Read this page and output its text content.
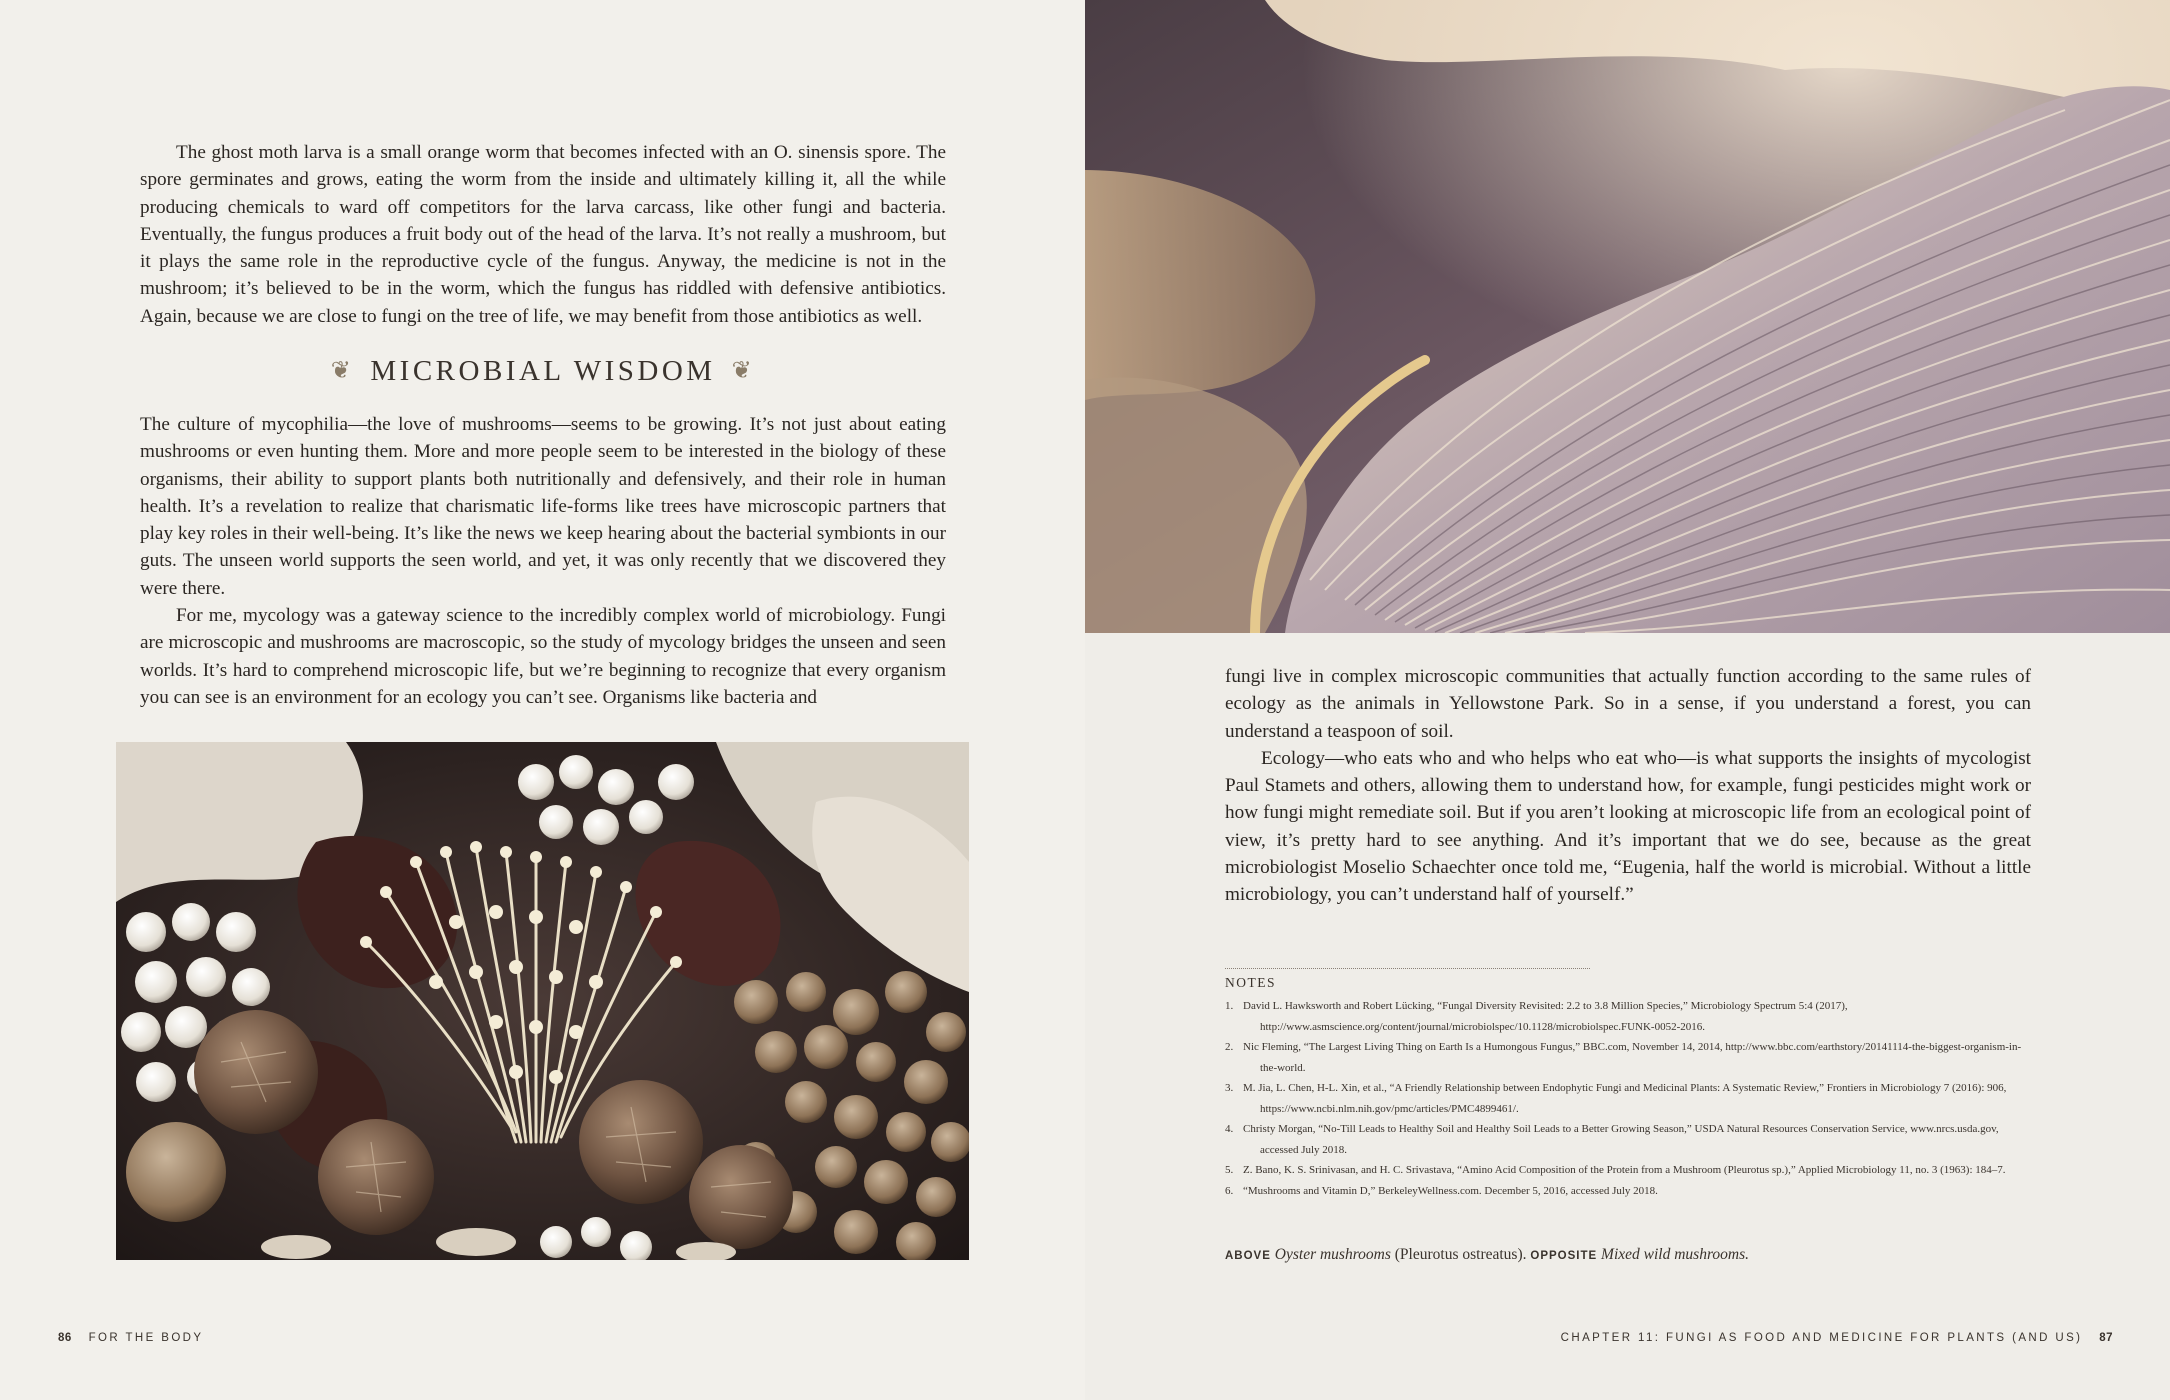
The ghost moth larva is a small orange worm that becomes infected with an O. sinensis spore. The spore germinates and grows, eating the worm from the inside and ultimately killing it, all the while producing chemicals to ward off competitors for the larva carcass, like other fungi and bacteria. Eventually, the fungus produces a fruit body out of the head of the larva. It’s not really a mushroom, but it plays the same role in the reproductive cycle of the fungus. Anyway, the medicine is not in the mushroom; it’s believed to be in the worm, which the fungus has riddled with defensive antibiotics. Again, because we are close to fungi on the tree of life, we may benefit from those antibiotics as well.

❦ MICROBIAL WISDOM ❦

The culture of mycophilia—the love of mushrooms—seems to be growing. It’s not just about eating mushrooms or even hunting them. More and more people seem to be interested in the biology of these organisms, their ability to support plants both nutritionally and defensively, and their role in human health. It’s a revelation to realize that charismatic life-forms like trees have microscopic partners that play key roles in their well-being. It’s like the news we keep hearing about the bacterial symbionts in our guts. The unseen world supports the seen world, and yet, it was only recently that we discovered they were there.

For me, mycology was a gateway science to the incredibly complex world of microbiology. Fungi are microscopic and mushrooms are macroscopic, so the study of mycology bridges the unseen and seen worlds. It’s hard to comprehend microscopic life, but we’re beginning to recognize that every organism you can see is an environment for an ecology you can’t see. Organisms like bacteria and

86 FOR THE BODY

fungi live in complex microscopic communities that actually function according to the same rules of ecology as the animals in Yellowstone Park. So in a sense, if you understand a forest, you can understand a teaspoon of soil.

Ecology—who eats who and who helps who eat who—is what supports the insights of mycologist Paul Stamets and others, allowing them to understand how, for example, fungi pesticides might work or how fungi might remediate soil. But if you aren’t looking at microscopic life from an ecological point of view, it’s pretty hard to see anything. And it’s important that we do see, because as the great microbiologist Moselio Schaechter once told me, “Eugenia, half the world is microbial. Without a little microbiology, you can’t understand half of yourself.”

NOTES
1. David L. Hawksworth and Robert Lücking, “Fungal Diversity Revisited: 2.2 to 3.8 Million Species,” Microbiology Spectrum 5:4 (2017), http://www.asmscience.org/content/journal/microbiolspec/10.1128/microbiolspec.FUNK-0052-2016.
2. Nic Fleming, “The Largest Living Thing on Earth Is a Humongous Fungus,” BBC.com, November 14, 2014, http://www.bbc.com/earthstory/20141114-the-biggest-organism-in-the-world.
3. M. Jia, L. Chen, H-L. Xin, et al., “A Friendly Relationship between Endophytic Fungi and Medicinal Plants: A Systematic Review,” Frontiers in Microbiology 7 (2016): 906, https://www.ncbi.nlm.nih.gov/pmc/articles/PMC4899461/.
4. Christy Morgan, “No-Till Leads to Healthy Soil and Healthy Soil Leads to a Better Growing Season,” USDA Natural Resources Conservation Service, www.nrcs.usda.gov, accessed July 2018.
5. Z. Bano, K. S. Srinivasan, and H. C. Srivastava, “Amino Acid Composition of the Protein from a Mushroom (Pleurotus sp.),” Applied Microbiology 11, no. 3 (1963): 184–7.
6. “Mushrooms and Vitamin D,” BerkeleyWellness.com. December 5, 2016, accessed July 2018.
ABOVE Oyster mushrooms (Pleurotus ostreatus). OPPOSITE Mixed wild mushrooms.
CHAPTER 11: FUNGI AS FOOD AND MEDICINE FOR PLANTS (AND US) 87
